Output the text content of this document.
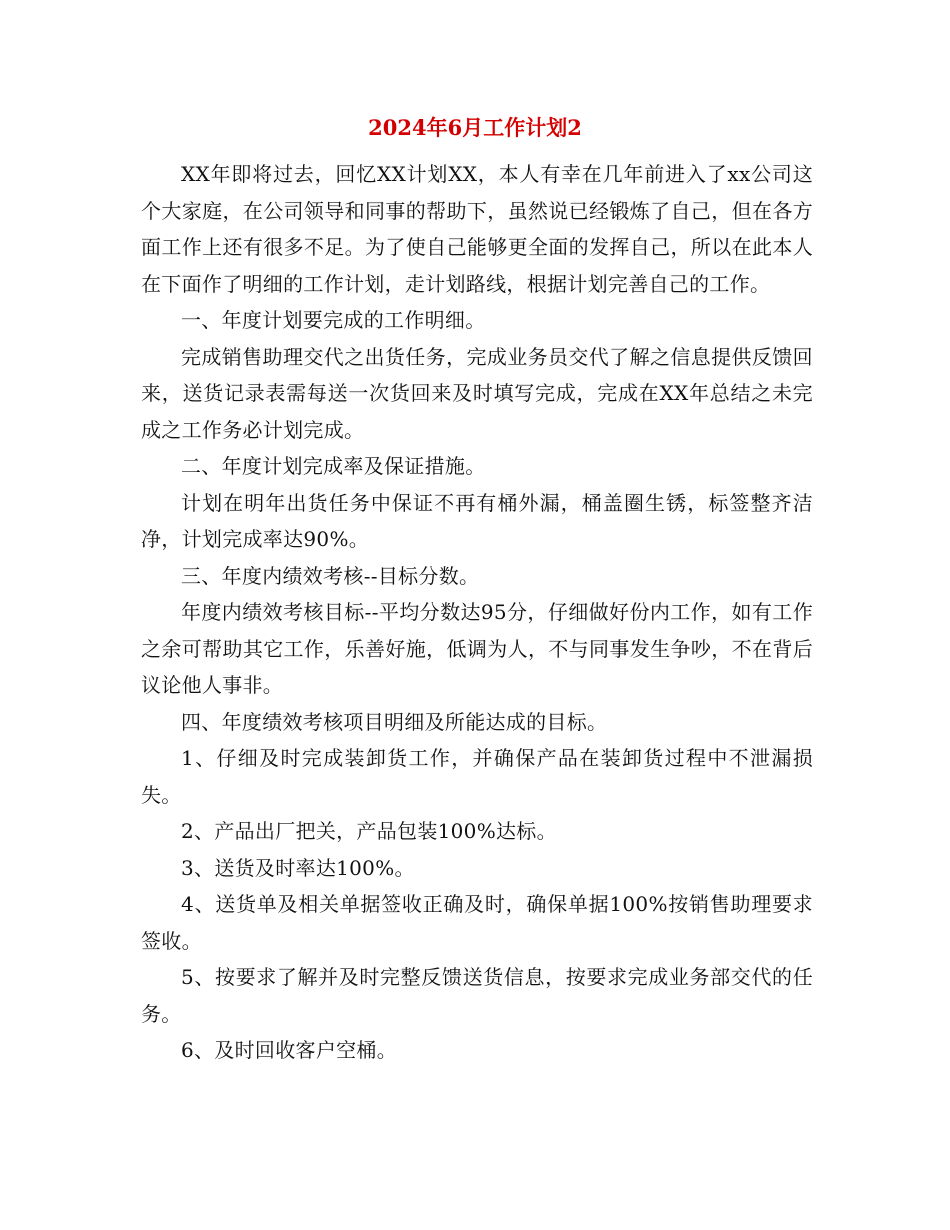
2024年6月工作计划2

XX年即将过去，回忆XX计划XX，本人有幸在几年前进入了xx公司这个大家庭，在公司领导和同事的帮助下，虽然说已经锻炼了自己，但在各方面工作上还有很多不足。为了使自己能够更全面的发挥自己，所以在此本人在下面作了明细的工作计划，走计划路线，根据计划完善自己的工作。

一、年度计划要完成的工作明细。

完成销售助理交代之出货任务，完成业务员交代了解之信息提供反馈回来，送货记录表需每送一次货回来及时填写完成，完成在XX年总结之未完成之工作务必计划完成。

二、年度计划完成率及保证措施。

计划在明年出货任务中保证不再有桶外漏，桶盖圈生锈，标签整齐洁净，计划完成率达90%。

三、年度内绩效考核--目标分数。

年度内绩效考核目标--平均分数达95分，仔细做好份内工作，如有工作之余可帮助其它工作，乐善好施，低调为人，不与同事发生争吵，不在背后议论他人事非。

四、年度绩效考核项目明细及所能达成的目标。

1、仔细及时完成装卸货工作，并确保产品在装卸货过程中不泄漏损失。

2、产品出厂把关，产品包装100%达标。

3、送货及时率达100%。

4、送货单及相关单据签收正确及时，确保单据100%按销售助理要求签收。

5、按要求了解并及时完整反馈送货信息，按要求完成业务部交代的任务。

6、及时回收客户空桶。
